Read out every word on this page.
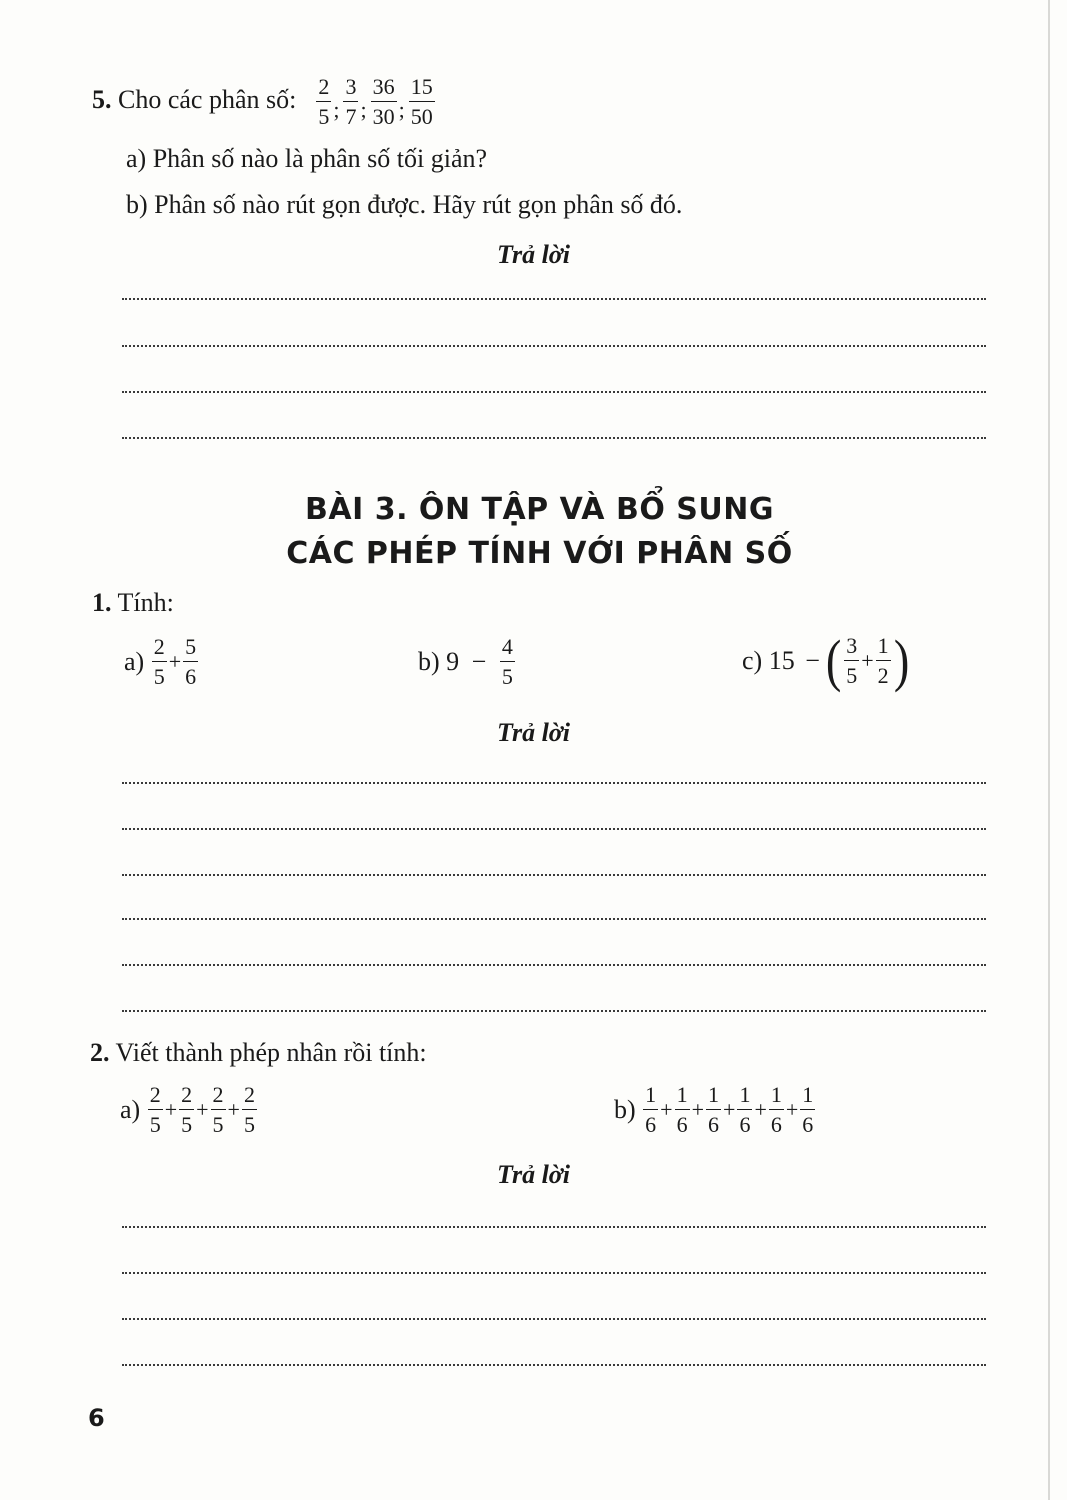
5. Cho các phân số: $\frac{2}{5} _; \frac{3}{7} _; \frac{36}{30} _; \frac{15}{50}$
a) Phân số nào là phân số tối giản?
b) Phân số nào rút gọn được. Hãy rút gọn phân số đó.
Trả lời
BÀI 3. ÔN TẬP VÀ BỔ SUNG
CÁC PHÉP TÍNH VỚI PHÂN SỐ
1. Tính:
$a) \frac{2}{5} + \frac{5}{6}$	b) $9 - \frac{4}{5}$	c) 15 − ( $\frac{3}{5} + \frac{1}{2}$ )
Trả lời
2. Viết thành phép nhân rồi tính:
$a) \frac{2}{5} + \frac{2}{5} + \frac{2}{5} + \frac{2}{5}$	$b) \frac{1}{6} + \frac{1}{6} + \frac{1}{6} + \frac{1}{6} + \frac{1}{6} + \frac{1}{6}$
Trả lời
6
